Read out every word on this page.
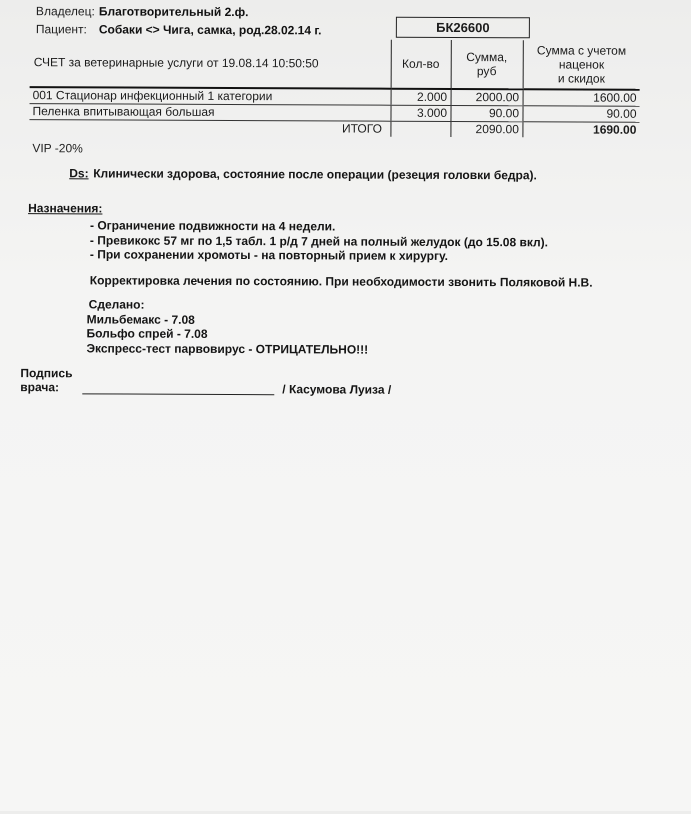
Владелец: Благотворительный 2.ф.
Пациент: Собаки <> Чига, самка, род.28.02.14 г.	БК26600
СЧЕТ за ветеринарные услуги от 19.08.14 10:50:50	Кол-во	Сумма, руб	Сумма с учетом
наценок
и скидок

001 Стационар инфекционный 1 категории	2.000	2000.00	1600.00
Пеленка впитывающая большая	3.000	90.00	90.00
ИТОГО		2090.00	1690.00
VIP -20%
Ds: Клинически здорова, состояние после операции (резеция головки бедра).
Назначения:
- Ограничение подвижности на 4 недели.
- Превикокс 57 мг по 1,5 табл. 1 р/д 7 дней на полный желудок (до 15.08 вкл).
- При сохранении хромоты - на повторный прием к хирургу.
Корректировка лечения по состоянию. При необходимости звонить Поляковой Н.В.
Сделано:
Мильбемакс - 7.08
Больфо спрей - 7.08
Экспресс-тест парвовирус - ОТРИЦАТЕЛЬНО!!!
Подпись
врача:	/ Касумова Луиза /
